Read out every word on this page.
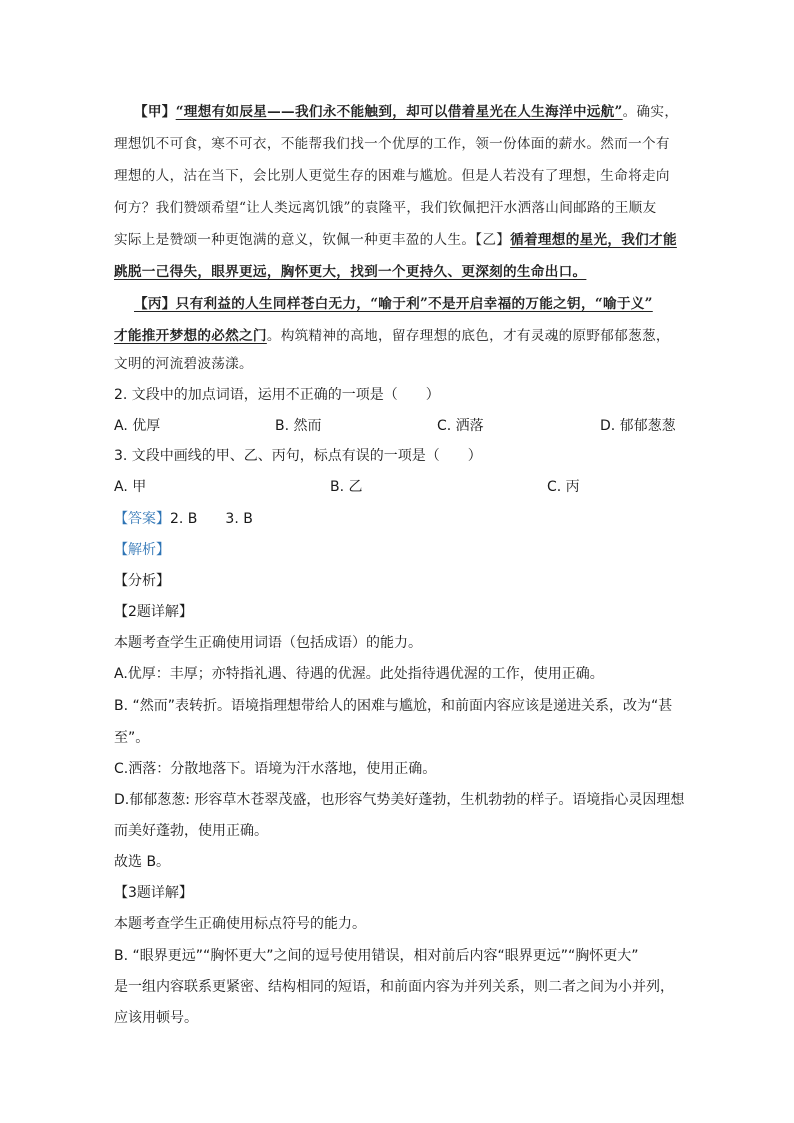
【甲】“理想有如辰星——我们永不能触到，却可以借着星光在人生海洋中远航”。确实，
理想饥不可食，寒不可衣，不能帮我们找一个优厚的工作，领一份体面的薪水。然而一个有
理想的人，沽在当下，会比别人更觉生存的困难与尴尬。但是人若没有了理想，生命将走向
何方？我们赞颂希望“让人类远离饥饿”的袁隆平，我们钦佩把汗水洒落山间邮路的王顺友
实际上是赞颂一种更饱满的意义，钦佩一种更丰盈的人生。【乙】循着理想的星光，我们才能
跳脱一己得失，眼界更远，胸怀更大，找到一个更持久、更深刻的生命出口。
【丙】只有利益的人生同样苍白无力，“喻于利”不是开启幸福的万能之钥，“喻于义”
才能推开梦想的必然之门。构筑精神的高地，留存理想的底色，才有灵魂的原野郁郁葱葱，
文明的河流碧波荡漾。
2. 文段中的加点词语，运用不正确的一项是（　　）
A. 优厚	B. 然而	C. 洒落	D. 郁郁葱葱
3. 文段中画线的甲、乙、丙句，标点有误的一项是（　　）
A. 甲	B. 乙	C. 丙
【答案】2. B 3. B
【解析】
【分析】
【2题详解】
本题考查学生正确使用词语（包括成语）的能力。
A.优厚：丰厚；亦特指礼遇、待遇的优渥。此处指待遇优渥的工作，使用正确。
B. “然而”表转折。语境指理想带给人的困难与尴尬，和前面内容应该是递进关系，改为“甚
至”。
C.洒落：分散地落下。语境为汗水落地，使用正确。
D.郁郁葱葱: 形容草木苍翠茂盛，也形容气势美好蓬勃，生机勃勃的样子。语境指心灵因理想
而美好蓬勃，使用正确。
故选 B。
【3题详解】
本题考查学生正确使用标点符号的能力。
B. “眼界更远”“胸怀更大”之间的逗号使用错误，相对前后内容“眼界更远”“胸怀更大”
是一组内容联系更紧密、结构相同的短语，和前面内容为并列关系，则二者之间为小并列，
应该用顿号。
